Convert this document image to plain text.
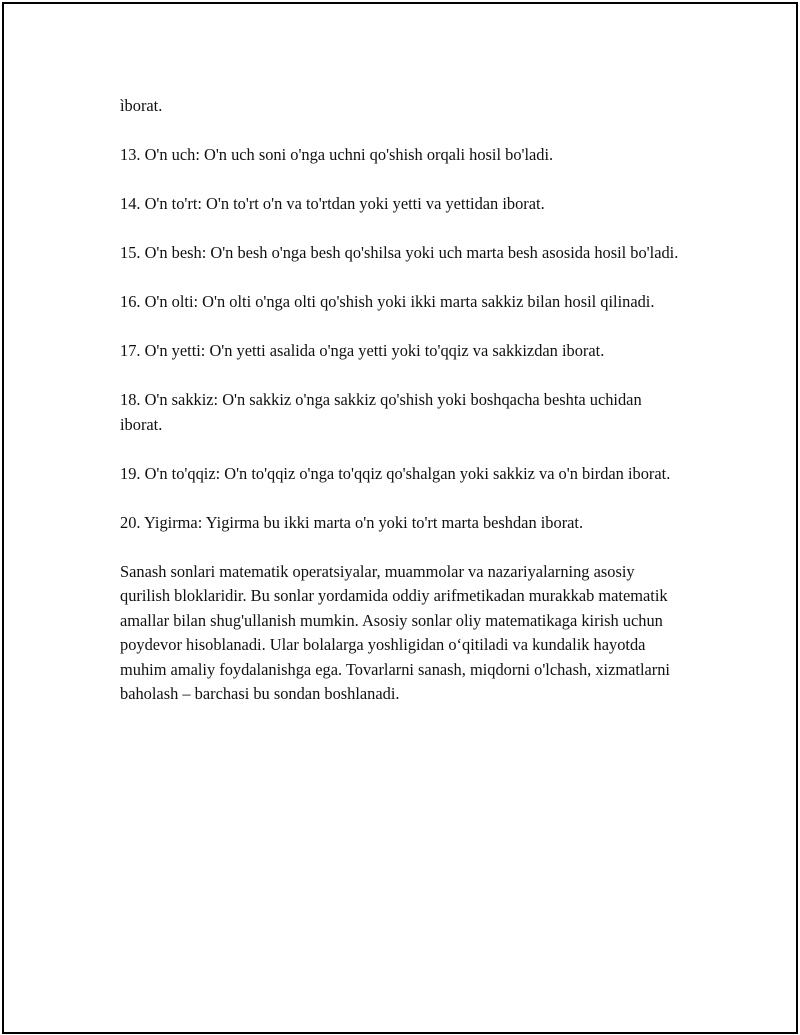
ìborat.

13. O'n uch: O'n uch soni o'nga uchni qo'shish orqali hosil bo'ladi.

14. O'n to'rt: O'n to'rt o'n va to'rtdan yoki yetti va yettidan iborat.

15. O'n besh: O'n besh o'nga besh qo'shilsa yoki uch marta besh asosida hosil bo'ladi.

16. O'n olti: O'n olti o'nga olti qo'shish yoki ikki marta sakkiz bilan hosil qilinadi.

17. O'n yetti: O'n yetti asalida o'nga yetti yoki to'qqiz va sakkizdan iborat.

18. O'n sakkiz: O'n sakkiz o'nga sakkiz qo'shish yoki boshqacha beshta uchidan iborat.

19. O'n to'qqiz: O'n to'qqiz o'nga to'qqiz qo'shalgan yoki sakkiz va o'n birdan iborat.

20. Yigirma: Yigirma bu ikki marta o'n yoki to'rt marta beshdan iborat.

Sanash sonlari matematik operatsiyalar, muammolar va nazariyalarning asosiy qurilish bloklaridir. Bu sonlar yordamida oddiy arifmetikadan murakkab matematik amallar bilan shug'ullanish mumkin. Asosiy sonlar oliy matematikaga kirish uchun poydevor hisoblanadi. Ular bolalarga yoshligidan o‘qitiladi va kundalik hayotda muhim amaliy foydalanishga ega. Tovarlarni sanash, miqdorni o'lchash, xizmatlarni baholash – barchasi bu sondan boshlanadi.
